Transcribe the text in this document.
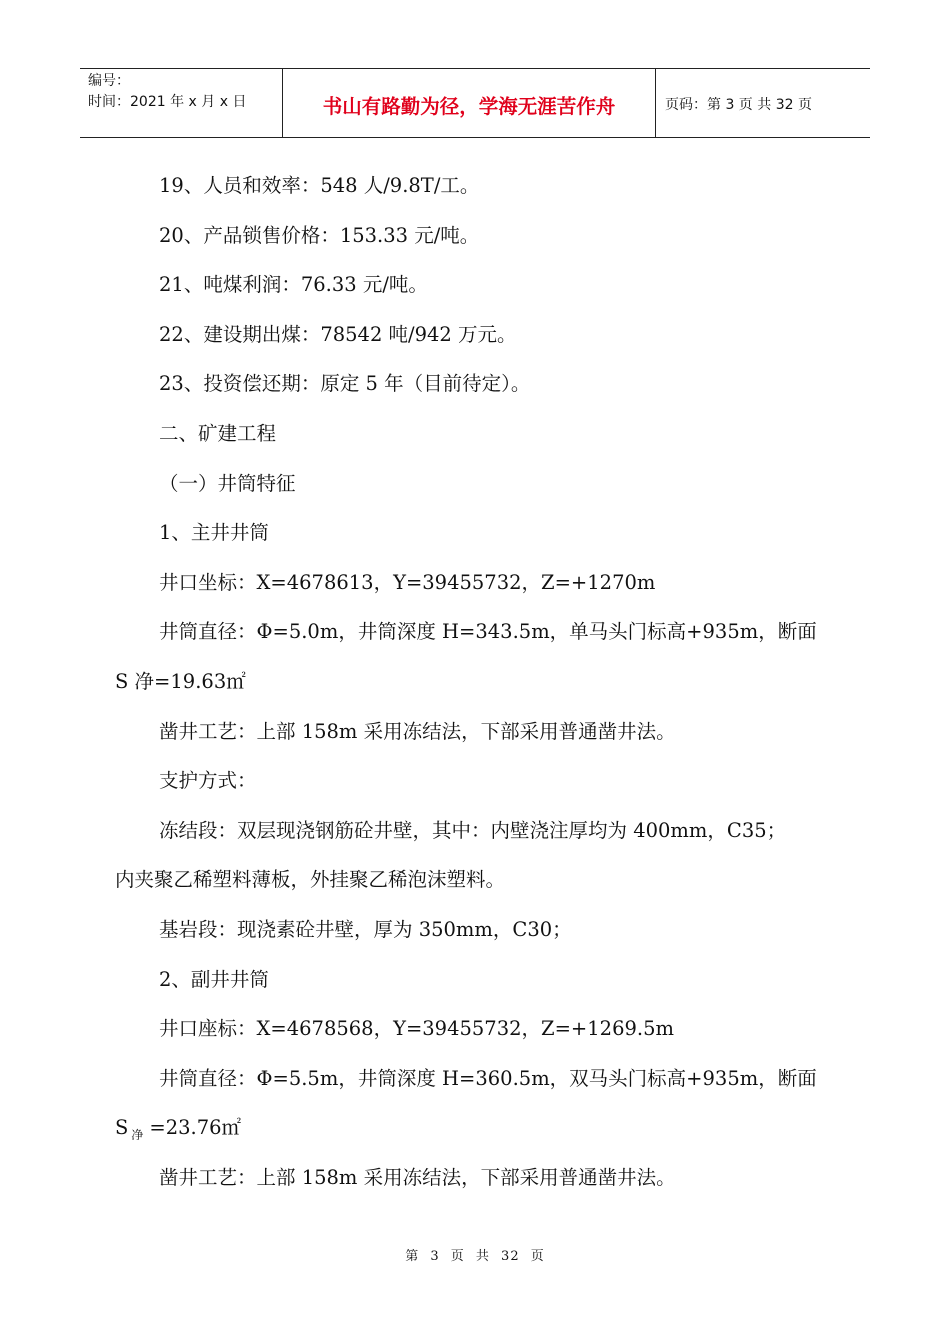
编号：
时间：2021 年 x 月 x 日	书山有路勤为径，学海无涯苦作舟	页码：第 3 页 共 32 页
19、人员和效率：548 人/9.8T/工。
20、产品锁售价格：153.33 元/吨。
21、吨煤利润：76.33 元/吨。
22、建设期出煤：78542 吨/942 万元。
23、投资偿还期：原定 5 年（目前待定）。
二、矿建工程
（一）井筒特征
1、主井井筒
井口坐标：X=4678613，Y=39455732，Z=+1270m
井筒直径：Φ=5.0m，井筒深度 H=343.5m，单马头门标高+935m，断面
S 净=19.63㎡
凿井工艺：上部 158m 采用冻结法，下部采用普通凿井法。
支护方式：
冻结段：双层现浇钢筋砼井壁，其中：内壁浇注厚均为 400mm，C35；
内夹聚乙稀塑料薄板，外挂聚乙稀泡沫塑料。
基岩段：现浇素砼井壁，厚为 350mm，C30；
2、副井井筒
井口座标：X=4678568，Y=39455732，Z=+1269.5m
井筒直径：Φ=5.5m，井筒深度 H=360.5m，双马头门标高+935m，断面
S $_净$ =23.76㎡
凿井工艺：上部 158m 采用冻结法，下部采用普通凿井法。
第 3 页 共 32 页
